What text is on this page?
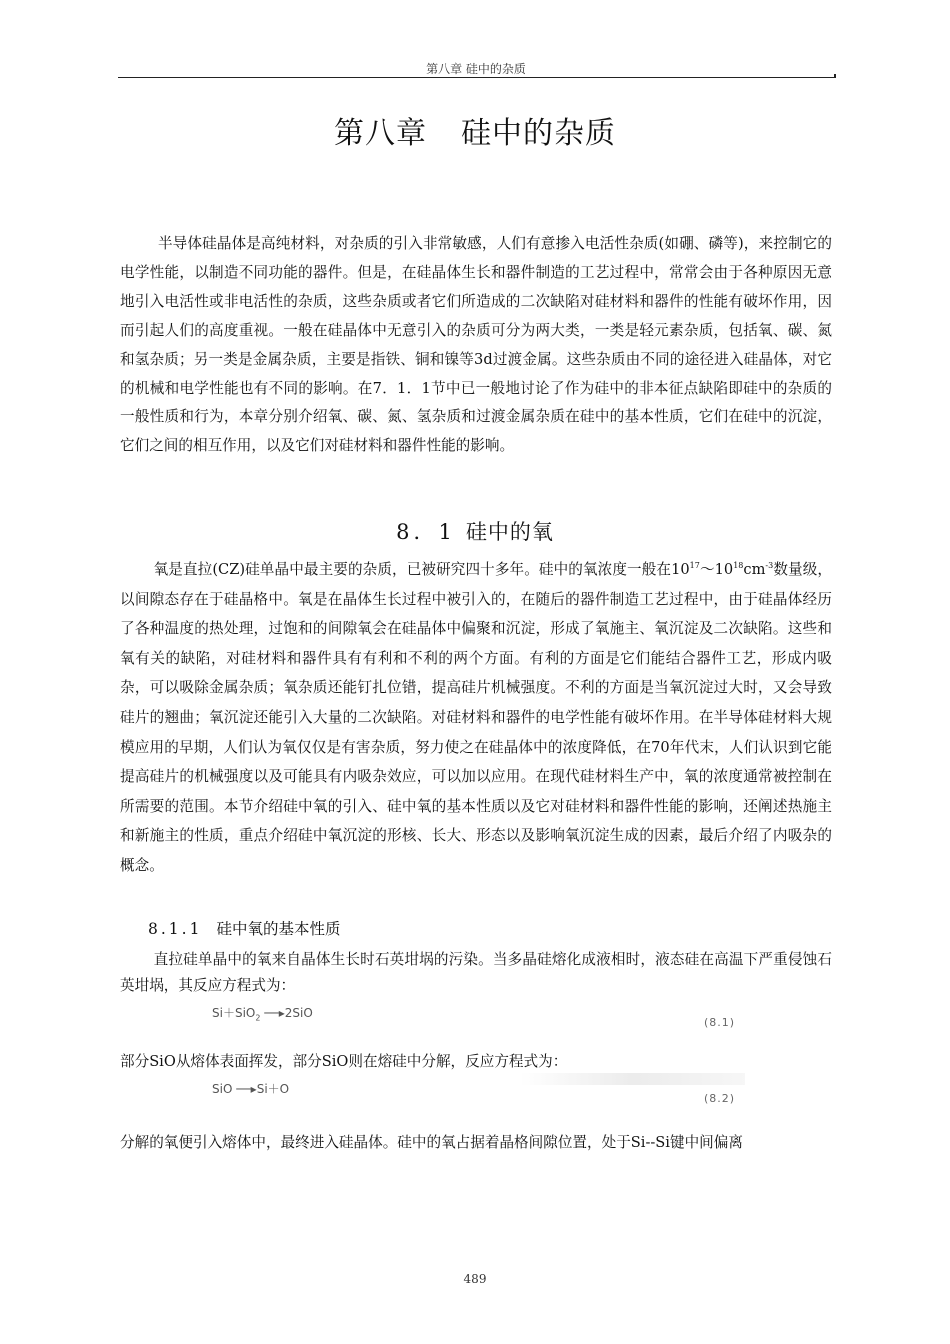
第八章 硅中的杂质
第八章 硅中的杂质

半导体硅晶体是高纯材料，对杂质的引入非常敏感，人们有意掺入电活性杂质(如硼、磷等)，来控制它的电学性能，以制造不同功能的器件。但是，在硅晶体生长和器件制造的工艺过程中，常常会由于各种原因无意地引入电活性或非电活性的杂质，这些杂质或者它们所造成的二次缺陷对硅材料和器件的性能有破坏作用，因而引起人们的高度重视。一般在硅晶体中无意引入的杂质可分为两大类，一类是轻元素杂质，包括氧、碳、氮和氢杂质；另一类是金属杂质，主要是指铁、铜和镍等3d过渡金属。这些杂质由不同的途径进入硅晶体，对它的机械和电学性能也有不同的影响。在7．1．1节中已一般地讨论了作为硅中的非本征点缺陷即硅中的杂质的一般性质和行为，本章分别介绍氧、碳、氮、氢杂质和过渡金属杂质在硅中的基本性质，它们在硅中的沉淀，它们之间的相互作用，以及它们对硅材料和器件性能的影响。

8．1 硅中的氧

氧是直拉(CZ)硅单晶中最主要的杂质，已被研究四十多年。硅中的氧浓度一般在$10^{17}\sim 10^{18}cm^{-3}$数量级，以间隙态存在于硅晶格中。氧是在晶体生长过程中被引入的，在随后的器件制造工艺过程中，由于硅晶体经历了各种温度的热处理，过饱和的间隙氧会在硅晶体中偏聚和沉淀，形成了氧施主、氧沉淀及二次缺陷。这些和氧有关的缺陷，对硅材料和器件具有有利和不利的两个方面。有利的方面是它们能结合器件工艺，形成内吸杂，可以吸除金属杂质；氧杂质还能钉扎位错，提高硅片机械强度。不利的方面是当氧沉淀过大时，又会导致硅片的翘曲；氧沉淀还能引入大量的二次缺陷。对硅材料和器件的电学性能有破坏作用。在半导体硅材料大规模应用的早期，人们认为氧仅仅是有害杂质，努力使之在硅晶体中的浓度降低，在70年代末，人们认识到它能提高硅片的机械强度以及可能具有内吸杂效应，可以加以应用。在现代硅材料生产中，氧的浓度通常被控制在所需要的范围。本节介绍硅中氧的引入、硅中氧的基本性质以及它对硅材料和器件性能的影响，还阐述热施主和新施主的性质，重点介绍硅中氧沉淀的形核、长大、形态以及影响氧沉淀生成的因素，最后介绍了内吸杂的概念。

8.1.1 硅中氧的基本性质

直拉硅单晶中的氧来自晶体生长时石英坩埚的污染。当多晶硅熔化成液相时，液态硅在高温下严重侵蚀石英坩埚，其反应方程式为：

Si＋SiO$_2$ ──▸2SiO
(8.1)
部分SiO从熔体表面挥发，部分SiO则在熔硅中分解，反应方程式为：
SiO ──▸Si＋O
(8.2)
分解的氧便引入熔体中，最终进入硅晶体。硅中的氧占据着晶格间隙位置，处于Si--Si键中间偏离
489
